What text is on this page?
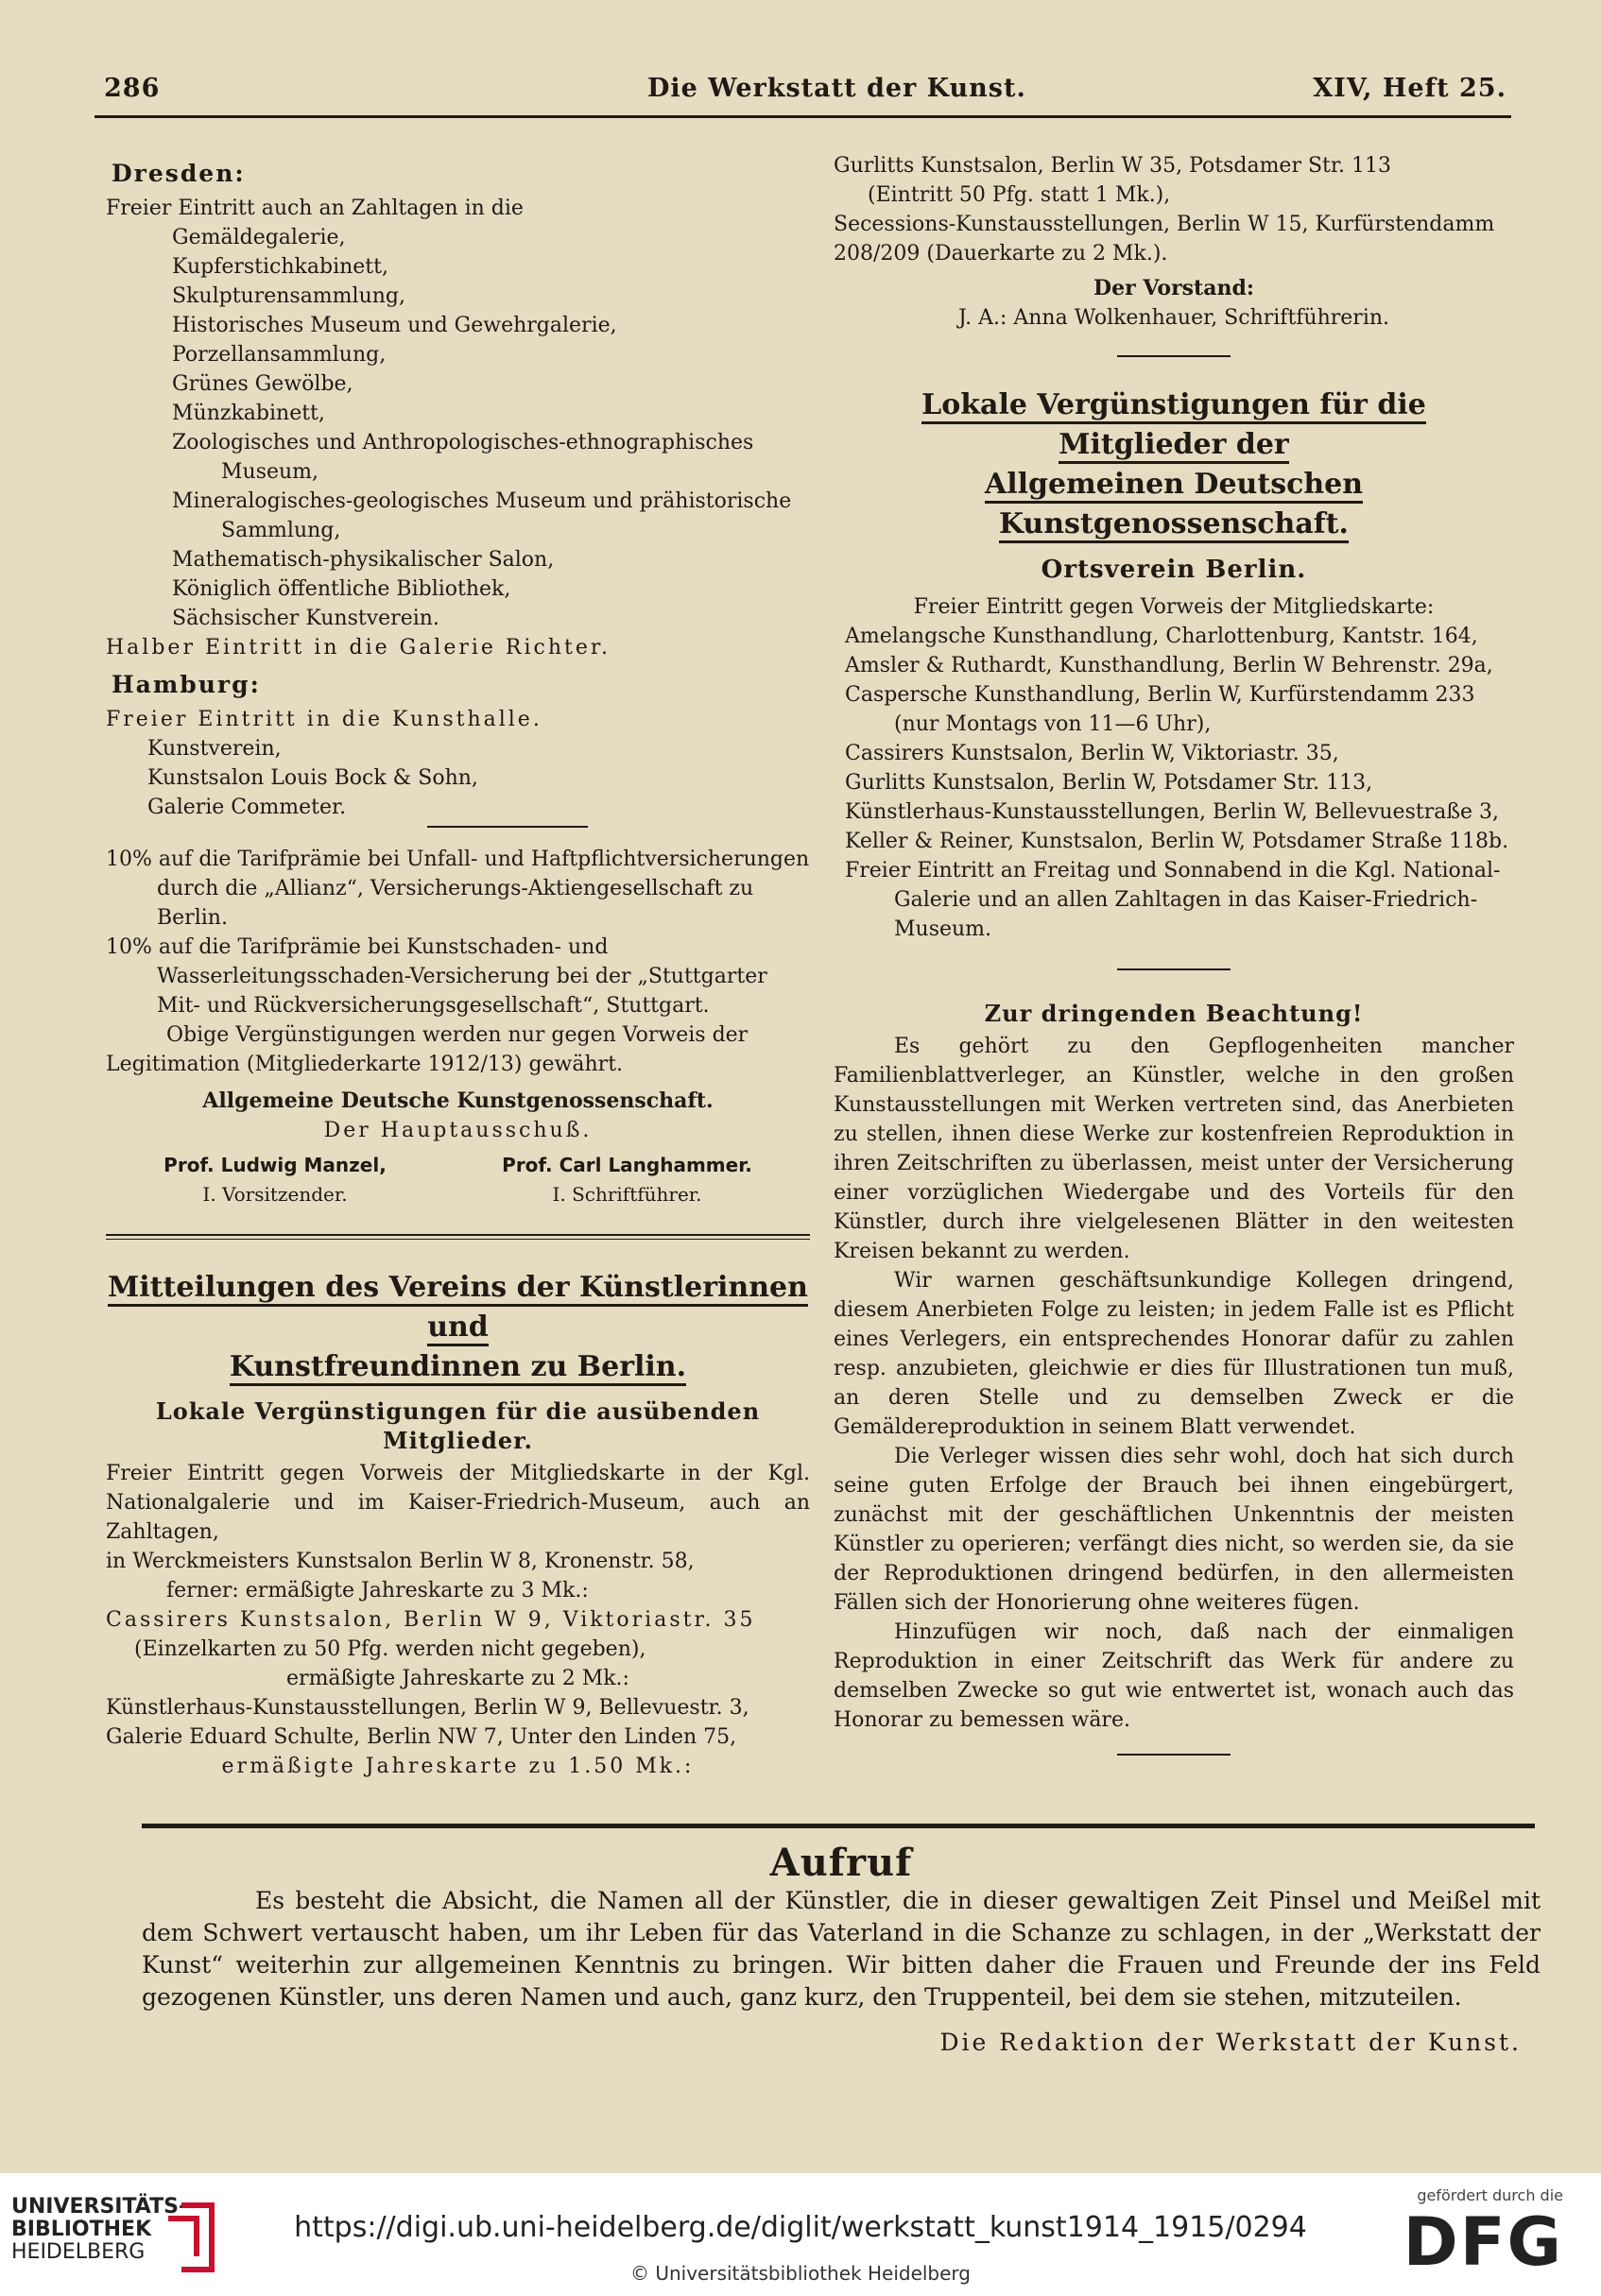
286	Die Werkstatt der Kunst.	XIV, Heft 25.
Dresden:

Freier Eintritt auch an Zahltagen in die

Gemäldegalerie,
Kupferstichkabinett,
Skulpturensammlung,
Historisches Museum und Gewehrgalerie,
Porzellansammlung,
Grünes Gewölbe,
Münzkabinett,
Zoologisches und Anthropologisches-ethnographisches Museum,
Mineralogisches-geologisches Museum und prähistorische Sammlung,
Mathematisch-physikalischer Salon,
Königlich öffentliche Bibliothek,
Sächsischer Kunstverein.

Halber Eintritt in die Galerie Richter.

Hamburg:

Freier Eintritt in die Kunsthalle.

Kunstverein,
Kunstsalon Louis Bock & Sohn,
Galerie Commeter.

10% auf die Tarifprämie bei Unfall- und Haftpflichtversicherungen durch die „Allianz“, Versicherungs-Aktiengesellschaft zu Berlin.

10% auf die Tarifprämie bei Kunstschaden- und Wasserleitungsschaden-Versicherung bei der „Stuttgarter Mit- und Rückversicherungsgesellschaft“, Stuttgart.

Obige Vergünstigungen werden nur gegen Vorweis der Legitimation (Mitgliederkarte 1912/13) gewährt.

Allgemeine Deutsche Kunstgenossenschaft.

Der Hauptausschuß.

Prof. Ludwig Manzel,
I. Vorsitzender.
Prof. Carl Langhammer.
I. Schriftführer.
Mitteilungen des Vereins der Künstlerinnen und
Kunstfreundinnen zu Berlin.
Lokale Vergünstigungen für die ausübenden Mitglieder.

Freier Eintritt gegen Vorweis der Mitgliedskarte in der Kgl. Nationalgalerie und im Kaiser-Friedrich-Museum, auch an Zahltagen,

in Werckmeisters Kunstsalon Berlin W 8, Kronenstr. 58,

ferner: ermäßigte Jahreskarte zu 3 Mk.:

Cassirers Kunstsalon, Berlin W 9, Viktoriastr. 35

(Einzelkarten zu 50 Pfg. werden nicht gegeben),

ermäßigte Jahreskarte zu 2 Mk.:

Künstlerhaus-Kunstausstellungen, Berlin W 9, Bellevuestr. 3,

Galerie Eduard Schulte, Berlin NW 7, Unter den Linden 75,

ermäßigte Jahreskarte zu 1.50 Mk.:

Gurlitts Kunstsalon, Berlin W 35, Potsdamer Str. 113

(Eintritt 50 Pfg. statt 1 Mk.),

Secessions-Kunstausstellungen, Berlin W 15, Kurfürstendamm 208/209 (Dauerkarte zu 2 Mk.).

Der Vorstand:

J. A.: Anna Wolkenhauer, Schriftführerin.

Lokale Vergünstigungen für die Mitglieder der
Allgemeinen Deutschen Kunstgenossenschaft.
Ortsverein Berlin.

Freier Eintritt gegen Vorweis der Mitgliedskarte:

Amelangsche Kunsthandlung, Charlottenburg, Kantstr. 164,
Amsler & Ruthardt, Kunsthandlung, Berlin W Behrenstr. 29a,
Caspersche Kunsthandlung, Berlin W, Kurfürstendamm 233 (nur Montags von 11—6 Uhr),
Cassirers Kunstsalon, Berlin W, Viktoriastr. 35,
Gurlitts Kunstsalon, Berlin W, Potsdamer Str. 113,
Künstlerhaus-Kunstausstellungen, Berlin W, Bellevuestraße 3,
Keller & Reiner, Kunstsalon, Berlin W, Potsdamer Straße 118b.
Freier Eintritt an Freitag und Sonnabend in die Kgl. National-Galerie und an allen Zahltagen in das Kaiser-Friedrich-Museum.
Zur dringenden Beachtung!

Es gehört zu den Gepflogenheiten mancher Familienblattverleger, an Künstler, welche in den großen Kunstausstellungen mit Werken vertreten sind, das Anerbieten zu stellen, ihnen diese Werke zur kostenfreien Reproduktion in ihren Zeitschriften zu überlassen, meist unter der Versicherung einer vorzüglichen Wiedergabe und des Vorteils für den Künstler, durch ihre vielgelesenen Blätter in den weitesten Kreisen bekannt zu werden.

Wir warnen geschäftsunkundige Kollegen dringend, diesem Anerbieten Folge zu leisten; in jedem Falle ist es Pflicht eines Verlegers, ein entsprechendes Honorar dafür zu zahlen resp. anzubieten, gleichwie er dies für Illustrationen tun muß, an deren Stelle und zu demselben Zweck er die Gemäldereproduktion in seinem Blatt verwendet.

Die Verleger wissen dies sehr wohl, doch hat sich durch seine guten Erfolge der Brauch bei ihnen eingebürgert, zunächst mit der geschäftlichen Unkenntnis der meisten Künstler zu operieren; verfängt dies nicht, so werden sie, da sie der Reproduktionen dringend bedürfen, in den allermeisten Fällen sich der Honorierung ohne weiteres fügen.

Hinzufügen wir noch, daß nach der einmaligen Reproduktion in einer Zeitschrift das Werk für andere zu demselben Zwecke so gut wie entwertet ist, wonach auch das Honorar zu bemessen wäre.

Aufruf

Es besteht die Absicht, die Namen all der Künstler, die in dieser gewaltigen Zeit Pinsel und Meißel mit dem Schwert vertauscht haben, um ihr Leben für das Vaterland in die Schanze zu schlagen, in der „Werkstatt der Kunst“ weiterhin zur allgemeinen Kenntnis zu bringen. Wir bitten daher die Frauen und Freunde der ins Feld gezogenen Künstler, uns deren Namen und auch, ganz kurz, den Truppenteil, bei dem sie stehen, mitzuteilen.

Die Redaktion der Werkstatt der Kunst.
UNIVERSITÄTS-
BIBLIOTHEK
HEIDELBERG
https://digi.ub.uni-heidelberg.de/diglit/werkstatt_kunst1914_1915/0294
© Universitätsbibliothek Heidelberg
gefördert durch die
DFG
